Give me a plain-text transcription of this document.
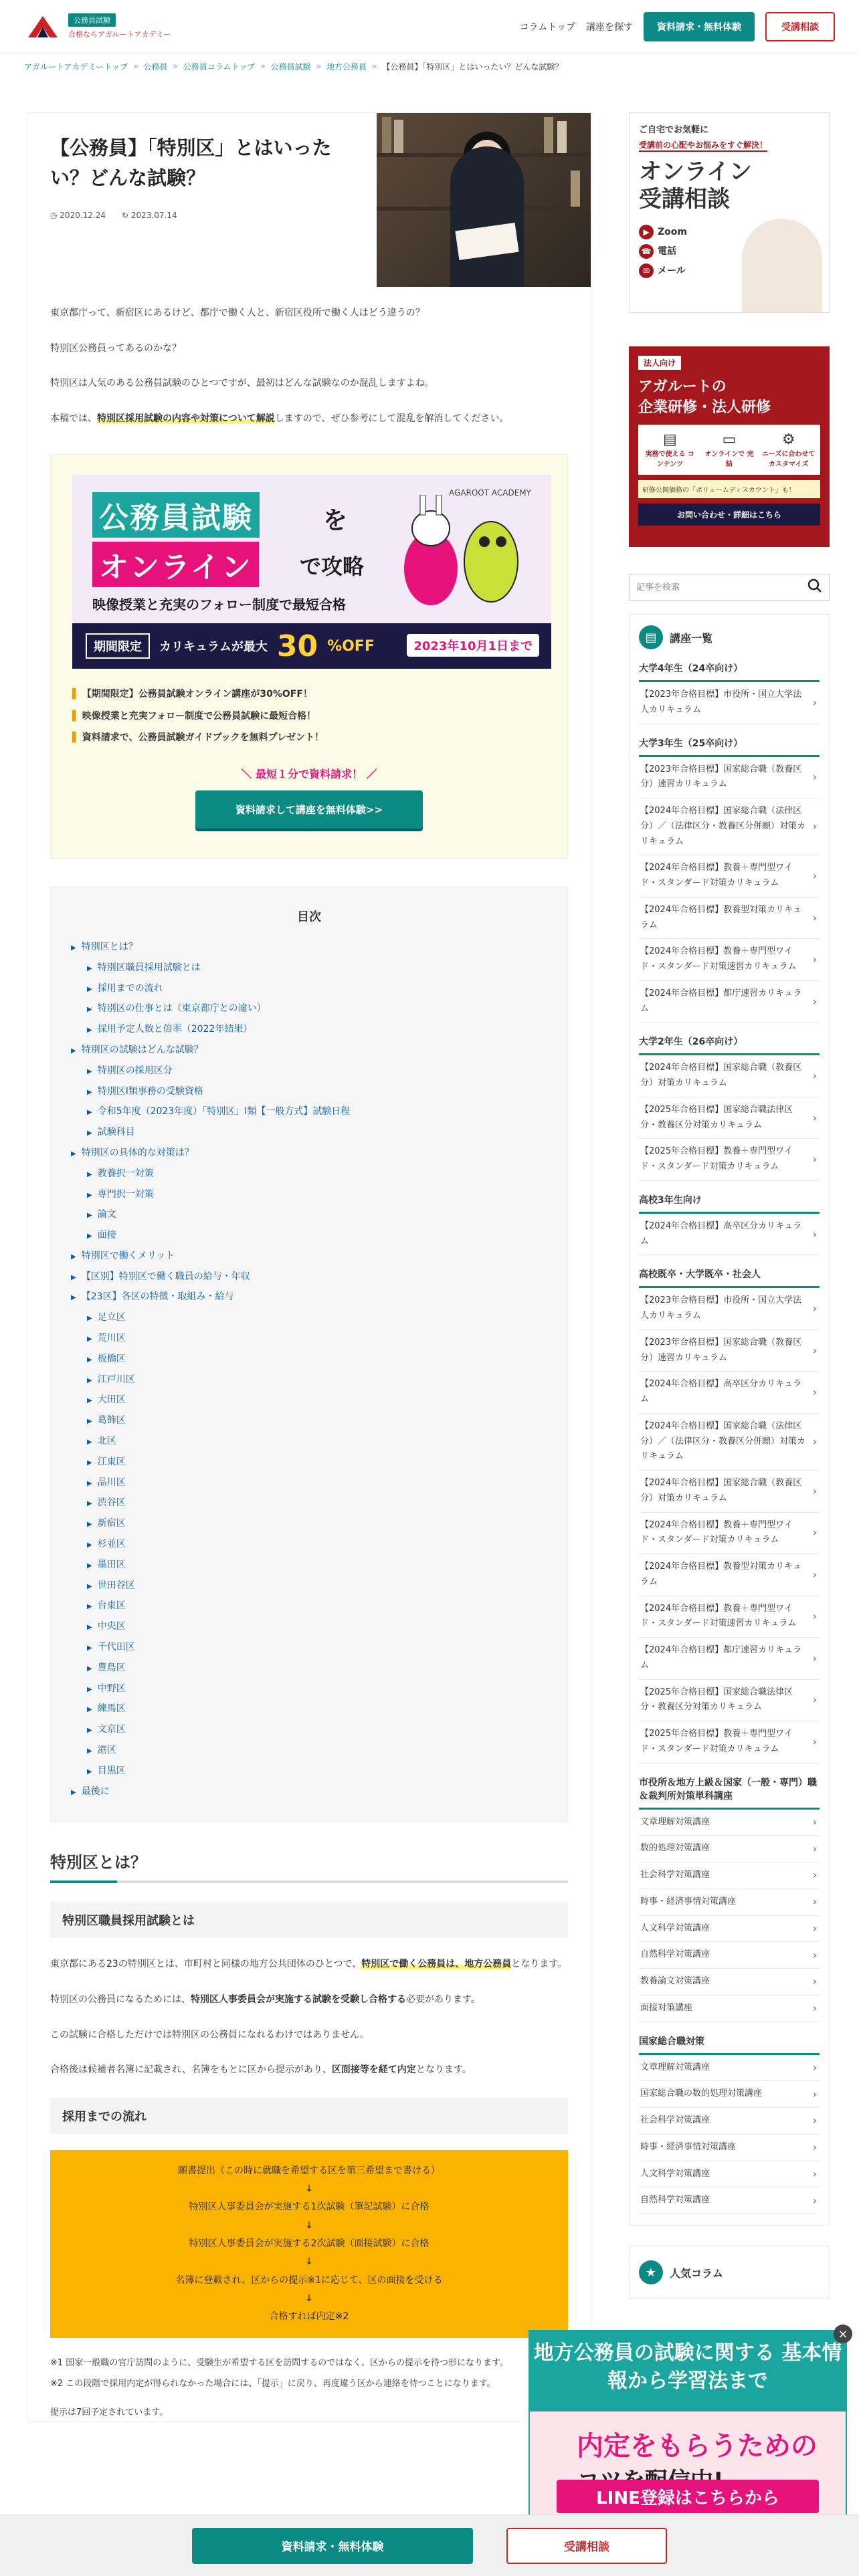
公務員試験
合格ならアガルートアカデミー
コラムトップ 講座を探す	資料請求・無料体験	受講相談
アガルートアカデミートップ » 公務員 » 公務員コラムトップ » 公務員試験 » 地方公務員 » 【公務員】「特別区」とはいったい？どんな試験？
【公務員】「特別区」とはいったい？どんな試験？
◷ 2020.12.24 ↻ 2023.07.14

東京都庁って、新宿区にあるけど、都庁で働く人と、新宿区役所で働く人はどう違うの？

特別区公務員ってあるのかな？

特別区は人気のある公務員試験のひとつですが、最初はどんな試験なのか混乱しますよね。

本稿では、特別区採用試験の内容や対策について解説しますので、ぜひ参考にして混乱を解消してください。

AGAROOT ACADEMY
公務員試験	を
オンライン	で攻略
映像授業と充実のフォロー制度で最短合格
期間限定	カリキュラムが最大 30 %OFF	2023年10月1日まで
▌ 【期間限定】公務員試験オンライン講座が30%OFF！
▌ 映像授業と充実フォロー制度で公務員試験に最短合格！
▌ 資料請求で、公務員試験ガイドブックを無料プレゼント！
＼ 最短１分で資料請求！ ／
資料請求して講座を無料体験>>
目次
▶ 特別区とは？
▶ 特別区職員採用試験とは
▶ 採用までの流れ
▶ 特別区の仕事とは（東京都庁との違い）
▶ 採用予定人数と倍率（2022年結果）
▶ 特別区の試験はどんな試験？
▶ 特別区の採用区分
▶ 特別区I類事務の受験資格
▶ 令和5年度（2023年度）「特別区」I類【一般方式】試験日程
▶ 試験科目
▶ 特別区の具体的な対策は？
▶ 教養択一対策
▶ 専門択一対策
▶ 論文
▶ 面接
▶ 特別区で働くメリット
▶ 【区別】特別区で働く職員の給与・年収
▶ 【23区】各区の特徴・取組み・給与
▶ 足立区
▶ 荒川区
▶ 板橋区
▶ 江戸川区
▶ 大田区
▶ 葛飾区
▶ 北区
▶ 江東区
▶ 品川区
▶ 渋谷区
▶ 新宿区
▶ 杉並区
▶ 墨田区
▶ 世田谷区
▶ 台東区
▶ 中央区
▶ 千代田区
▶ 豊島区
▶ 中野区
▶ 練馬区
▶ 文京区
▶ 港区
▶ 目黒区
▶ 最後に
特別区とは？
特別区職員採用試験とは

東京都にある23の特別区とは、市町村と同様の地方公共団体のひとつで、特別区で働く公務員は、地方公務員となります。

特別区の公務員になるためには、特別区人事委員会が実施する試験を受験し合格する必要があります。

この試験に合格しただけでは特別区の公務員になれるわけではありません。

合格後は候補者名簿に記載され、名簿をもとに区から提示があり、区面接等を経て内定となります。

採用までの流れ
願書提出（この時に就職を希望する区を第三希望まで書ける）
↓
特別区人事委員会が実施する1次試験（筆記試験）に合格
↓
特別区人事委員会が実施する2次試験（面接試験）に合格
↓
名簿に登載され、区からの提示※1に応じて、区の面接を受ける
↓
合格すれば内定※2

※1 国家一般職の官庁訪問のように、受験生が希望する区を訪問するのではなく、区からの提示を待つ形になります。

※2 この段階で採用内定が得られなかった場合には、「提示」に戻り、再度違う区から連絡を待つことになります。

提示は7回予定されています。

ご自宅でお気軽に
受講前の心配やお悩みをすぐ解決！
オンライン
受講相談
▶ Zoom
☎ 電話
✉ メール
法人向け
アガルートの
企業研修・法人研修
▤
実務で使える コンテンツ
▭
オンラインで 完結
⚙
ニーズに合わせて カスタマイズ
研修公開価格の「ボリュームディスカウント」も！
お問い合わせ・詳細はこちら
記事を検索
▤	講座一覧
大学4年生（24卒向け）
【2023年合格目標】市役所・国立大学法人カリキュラム ›
大学3年生（25卒向け）
【2023年合格目標】国家総合職（教養区分）速習カリキュラム ›
【2024年合格目標】国家総合職（法律区分）／（法律区分・教養区分併願）対策カリキュラム ›
【2024年合格目標】教養＋専門型ワイド・スタンダード対策カリキュラム ›
【2024年合格目標】教養型対策カリキュラム ›
【2024年合格目標】教養＋専門型ワイド・スタンダード対策速習カリキュラム ›
【2024年合格目標】都庁速習カリキュラム ›
大学2年生（26卒向け）
【2024年合格目標】国家総合職（教養区分）対策カリキュラム ›
【2025年合格目標】国家総合職法律区分・教養区分対策カリキュラム ›
【2025年合格目標】教養＋専門型ワイド・スタンダード対策カリキュラム ›
高校3年生向け
【2024年合格目標】高卒区分カリキュラム ›
高校既卒・大学既卒・社会人
【2023年合格目標】市役所・国立大学法人カリキュラム ›
【2023年合格目標】国家総合職（教養区分）速習カリキュラム ›
【2024年合格目標】高卒区分カリキュラム ›
【2024年合格目標】国家総合職（法律区分）／（法律区分・教養区分併願）対策カリキュラム ›
【2024年合格目標】国家総合職（教養区分）対策カリキュラム ›
【2024年合格目標】教養＋専門型ワイド・スタンダード対策カリキュラム ›
【2024年合格目標】教養型対策カリキュラム ›
【2024年合格目標】教養＋専門型ワイド・スタンダード対策速習カリキュラム ›
【2024年合格目標】都庁速習カリキュラム ›
【2025年合格目標】国家総合職法律区分・教養区分対策カリキュラム ›
【2025年合格目標】教養＋専門型ワイド・スタンダード対策カリキュラム ›
市役所＆地方上級＆国家（一般・専門）職＆裁判所対策単科講座
文章理解対策講座 ›
数的処理対策講座 ›
社会科学対策講座 ›
時事・経済事情対策講座 ›
人文科学対策講座 ›
自然科学対策講座 ›
教養論文対策講座 ›
面接対策講座 ›
国家総合職対策
文章理解対策講座 ›
国家総合職の数的処理対策講座 ›
社会科学対策講座 ›
時事・経済事情対策講座 ›
人文科学対策講座 ›
自然科学対策講座 ›
★	人気コラム
×
地方公務員の試験に関する 基本情報から学習法まで
内定をもらうための
LINE登録はこちらから
資料請求・無料体験	受講相談
